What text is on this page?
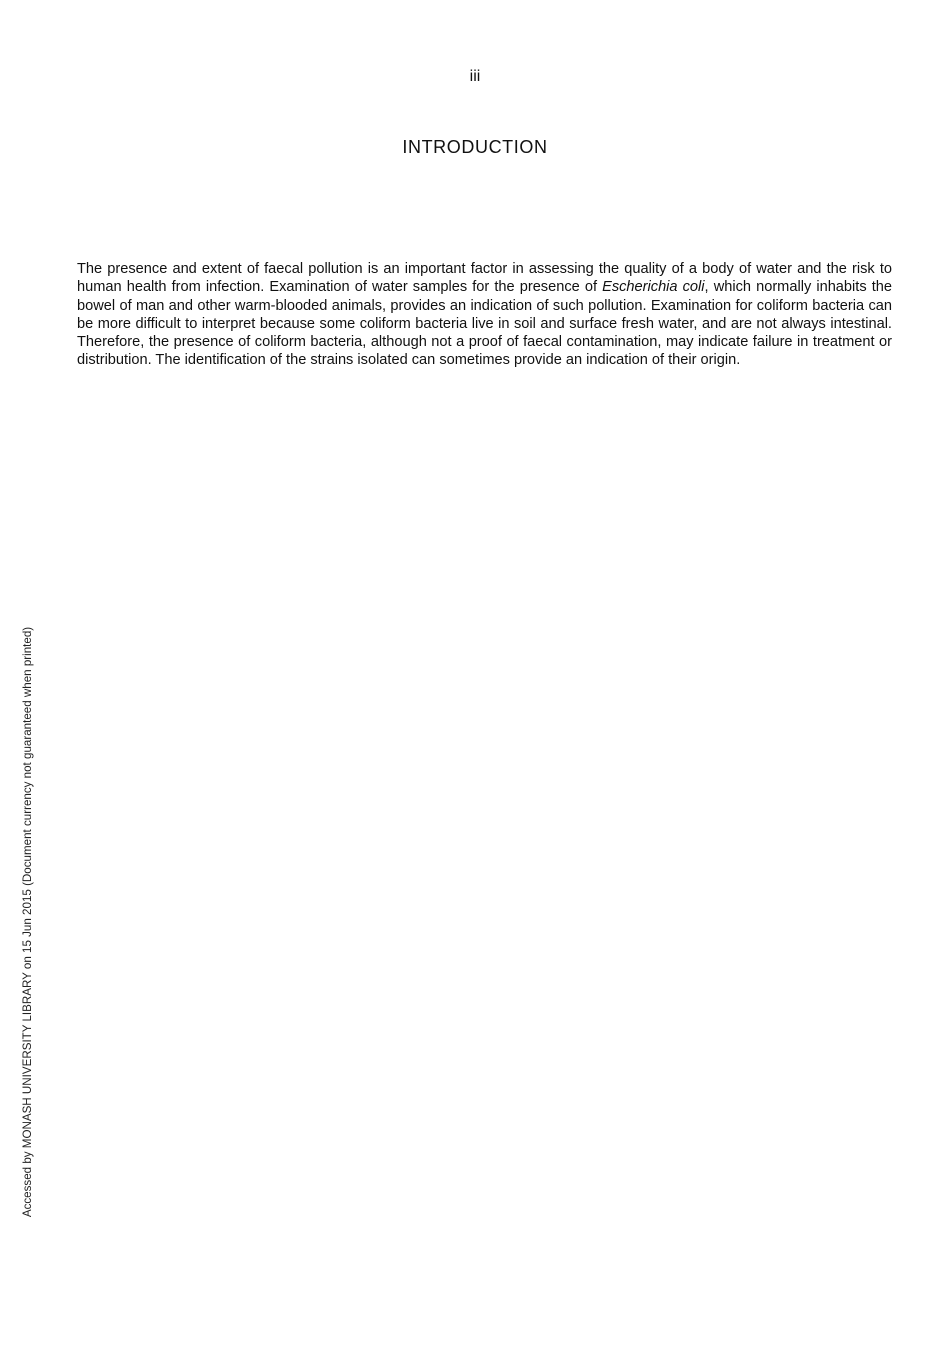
iii
INTRODUCTION

The presence and extent of faecal pollution is an important factor in assessing the quality of a body of water and the risk to human health from infection. Examination of water samples for the presence of Escherichia coli, which normally inhabits the bowel of man and other warm-blooded animals, provides an indication of such pollution. Examination for coliform bacteria can be more difficult to interpret because some coliform bacteria live in soil and surface fresh water, and are not always intestinal. Therefore, the presence of coliform bacteria, although not a proof of faecal contamination, may indicate failure in treatment or distribution. The identification of the strains isolated can sometimes provide an indication of their origin.

Accessed by MONASH UNIVERSITY LIBRARY on 15 Jun 2015 (Document currency not guaranteed when printed)
